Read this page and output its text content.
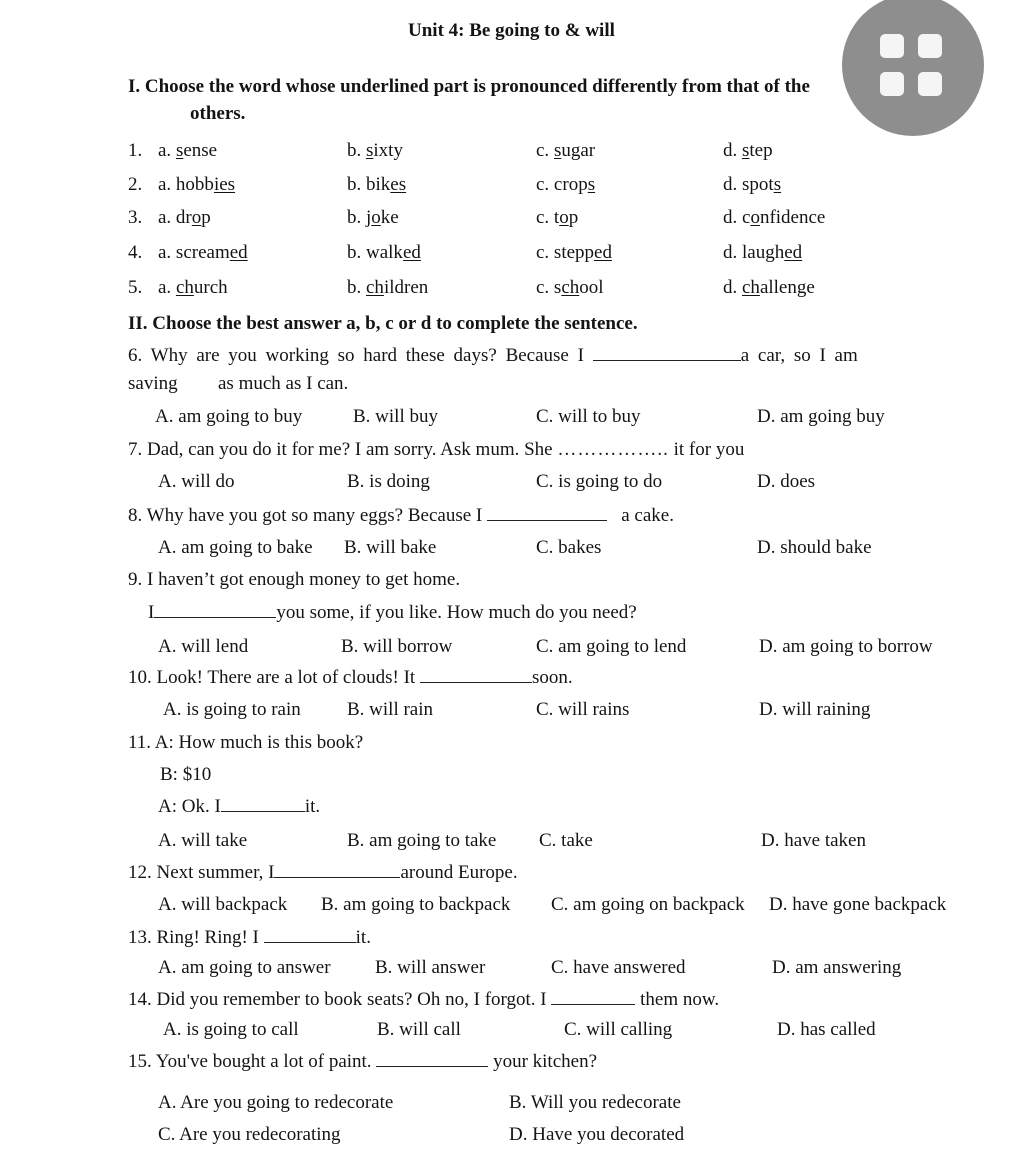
Unit 4: Be going to & will
I. Choose the word whose underlined part is pronounced differently from that of the
others.
1. a. sense	b. sixty	c. sugar	d. step
2. a. hobbies	b. bikes	c. crops	d. spots
3. a. drop	b. joke	c. top	d. confidence
4. a. screamed	b. walked	c. stepped	d. laughed
5. a. church	b. children	c. school	d. challenge
II. Choose the best answer a, b, c or d to complete the sentence.
6. Why are you working so hard these days? Because I	a car, so I am
saving as much as I can.
A. am going to buy	B. will buy	C. will to buy	D. am going buy
7. Dad, can you do it for me? I am sorry. Ask mum. She …………….. it for you
A. will do	B. is doing	C. is going to do	D. does
8. Why have you got so many eggs? Because I	a cake.
A. am going to bake B. will bake	C. bakes	D. should bake
9. I haven’t got enough money to get home.
I	you some, if you like. How much do you need?
A. will lend	B. will borrow	C. am going to lend	D. am going to borrow
10. Look! There are a lot of clouds! It	soon.
A. is going to rain B. will rain	C. will rains	D. will raining
11. A: How much is this book?
B: $10
A: Ok. I	it.
A. will take	B. am going to take C. take	D. have taken
12. Next summer, I	around Europe.
A. will backpack B. am going to backpack C. am going on backpack D. have gone backpack
13. Ring! Ring! I	it.
A. am going to answer B. will answer	C. have answered	D. am answering
14. Did you remember to book seats? Oh no, I forgot. I	them now.
A. is going to call	B. will call	C. will calling	D. has called
15. You've bought a lot of paint.	your kitchen?
A. Are you going to redecorate	B. Will you redecorate
C. Are you redecorating	D. Have you decorated
